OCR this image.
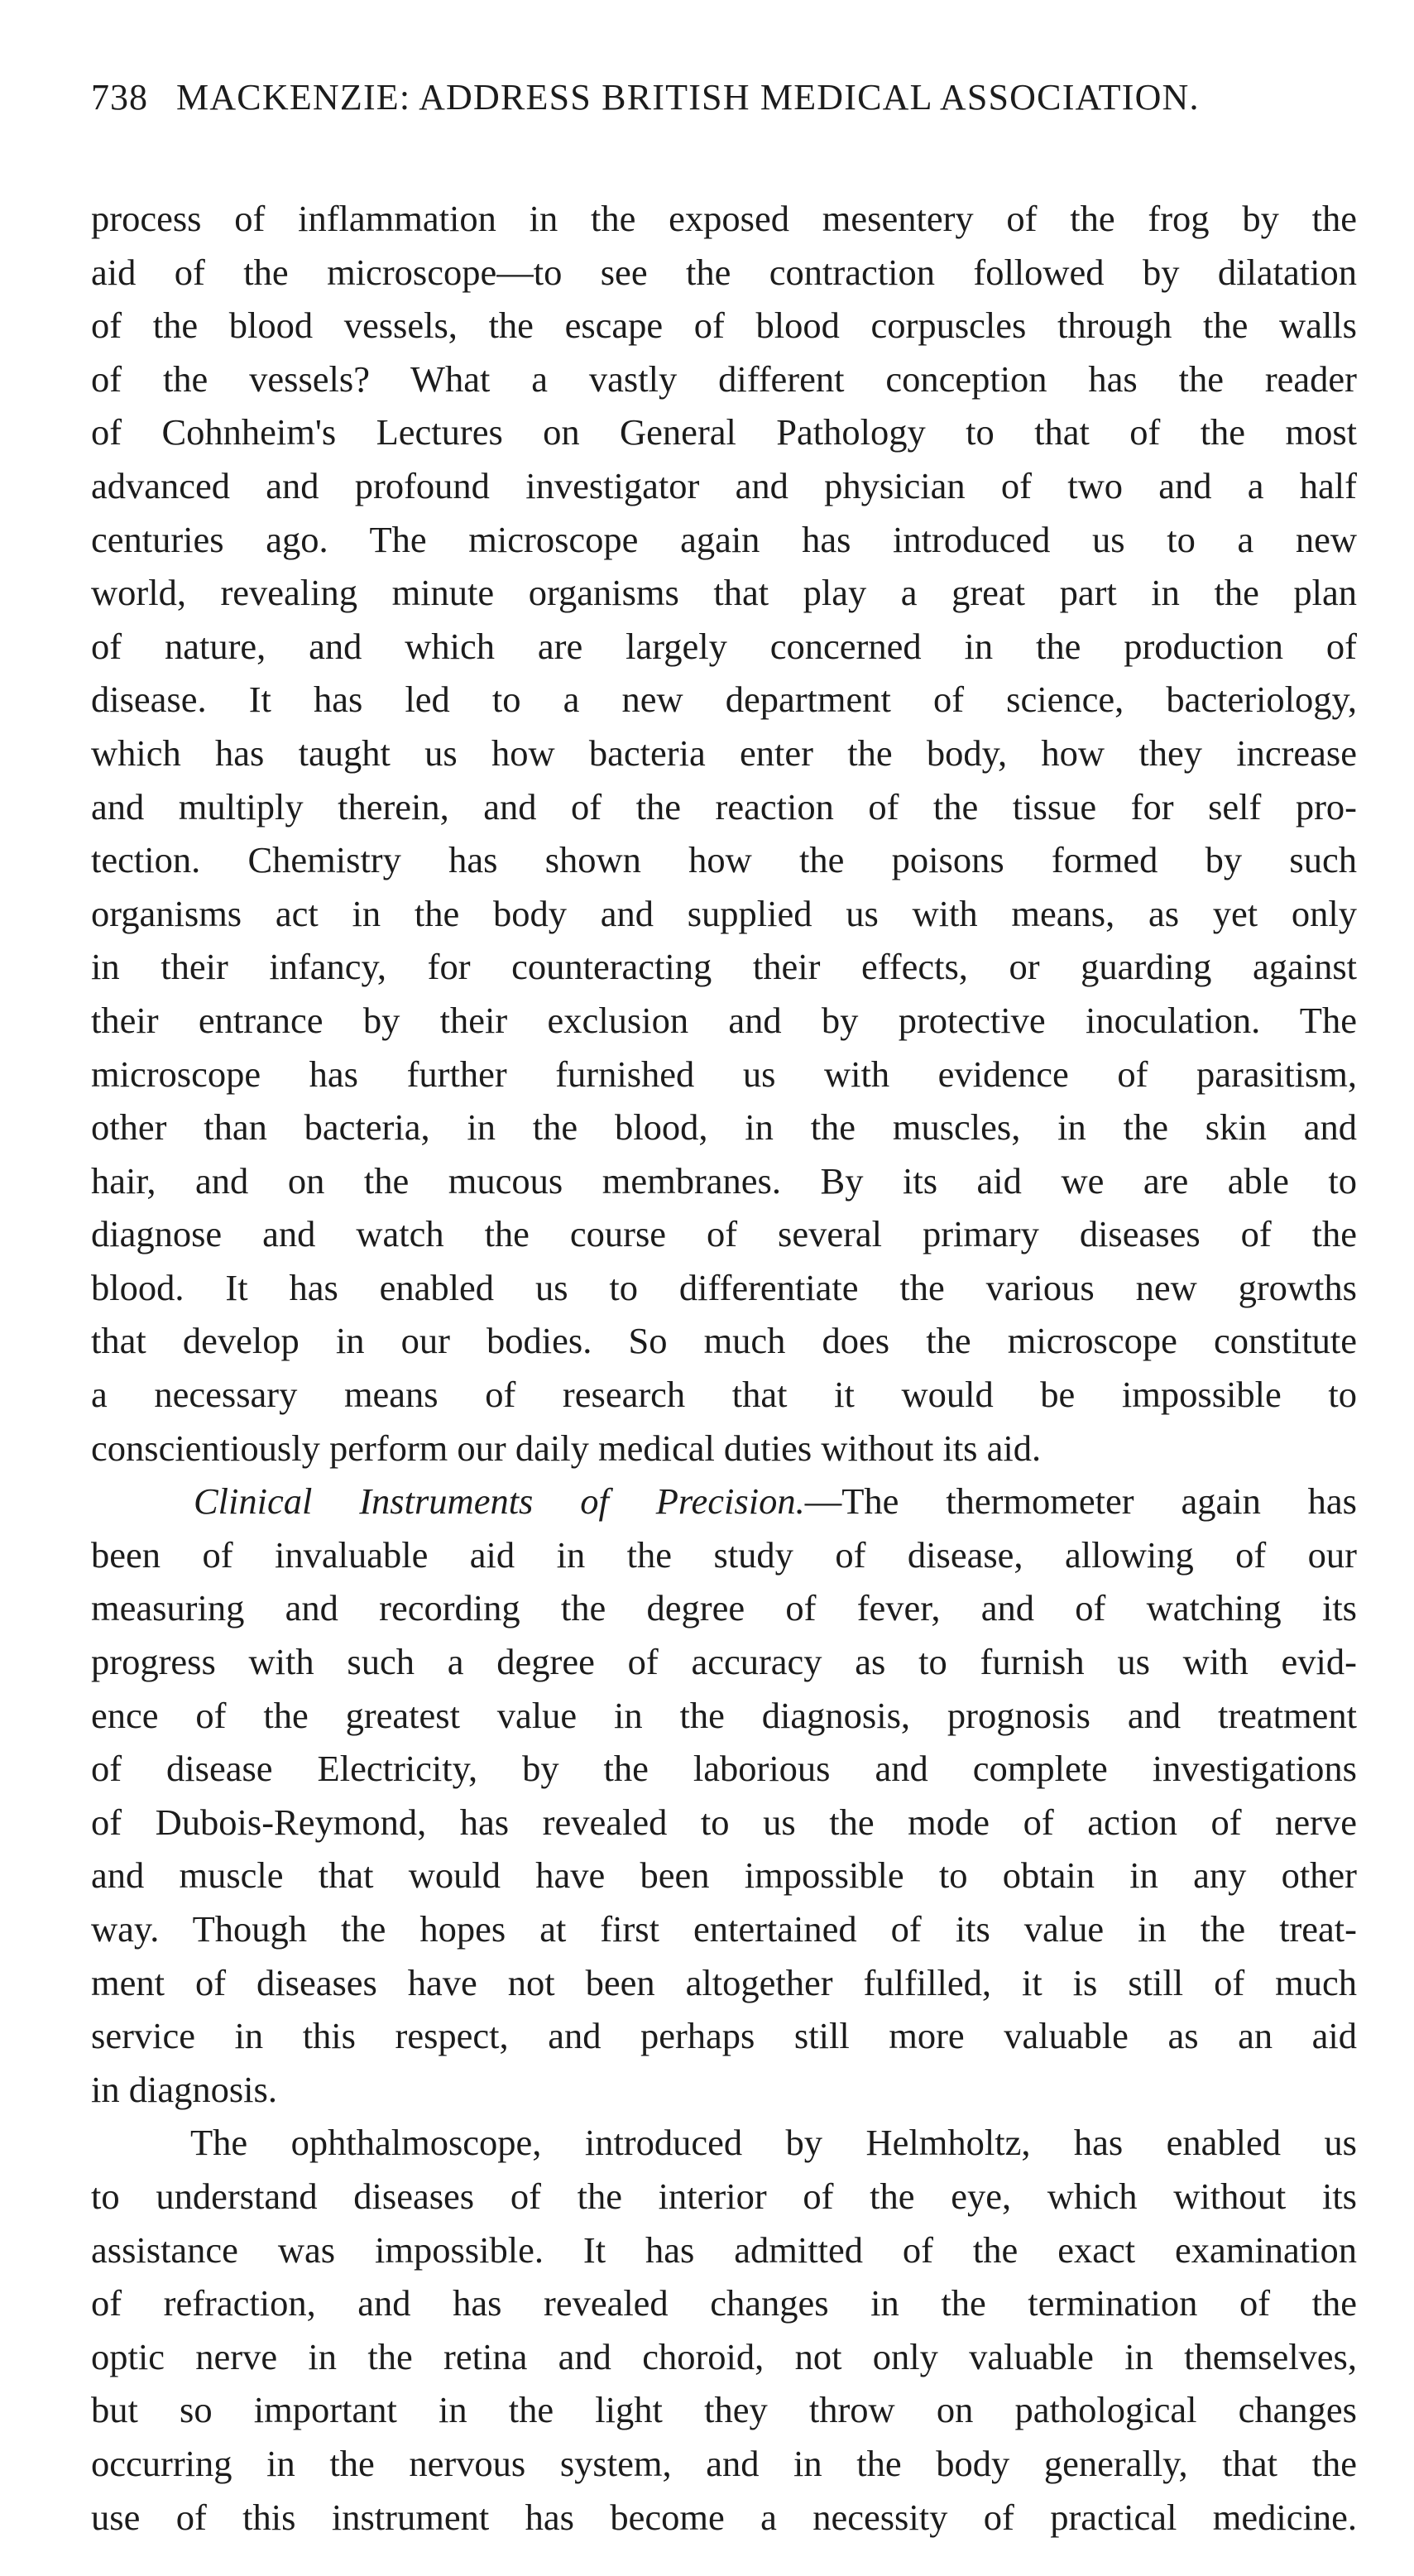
738 MACKENZIE: ADDRESS BRITISH MEDICAL ASSOCIATION.
process of inflammation in the exposed mesentery of the frog by the
aid of the microscope—to see the contraction followed by dilatation
of the blood vessels, the escape of blood corpuscles through the walls
of the vessels? What a vastly different conception has the reader
of Cohnheim's Lectures on General Pathology to that of the most
advanced and profound investigator and physician of two and a half
centuries ago. The microscope again has introduced us to a new
world, revealing minute organisms that play a great part in the plan
of nature, and which are largely concerned in the production of
disease. It has led to a new department of science, bacteriology,
which has taught us how bacteria enter the body, how they increase
and multiply therein, and of the reaction of the tissue for self pro-
tection. Chemistry has shown how the poisons formed by such
organisms act in the body and supplied us with means, as yet only
in their infancy, for counteracting their effects, or guarding against
their entrance by their exclusion and by protective inoculation. The
microscope has further furnished us with evidence of parasitism,
other than bacteria, in the blood, in the muscles, in the skin and
hair, and on the mucous membranes. By its aid we are able to
diagnose and watch the course of several primary diseases of the
blood. It has enabled us to differentiate the various new growths
that develop in our bodies. So much does the microscope constitute
a necessary means of research that it would be impossible to
conscientiously perform our daily medical duties without its aid.
Clinical Instruments of Precision.—The thermometer again has
been of invaluable aid in the study of disease, allowing of our
measuring and recording the degree of fever, and of watching its
progress with such a degree of accuracy as to furnish us with evid-
ence of the greatest value in the diagnosis, prognosis and treatment
of disease Electricity, by the laborious and complete investigations
of Dubois-Reymond, has revealed to us the mode of action of nerve
and muscle that would have been impossible to obtain in any other
way. Though the hopes at first entertained of its value in the treat-
ment of diseases have not been altogether fulfilled, it is still of much
service in this respect, and perhaps still more valuable as an aid
in diagnosis.
The ophthalmoscope, introduced by Helmholtz, has enabled us
to understand diseases of the interior of the eye, which without its
assistance was impossible. It has admitted of the exact examination
of refraction, and has revealed changes in the termination of the
optic nerve in the retina and choroid, not only valuable in themselves,
but so important in the light they throw on pathological changes
occurring in the nervous system, and in the body generally, that the
use of this instrument has become a necessity of practical medicine.
